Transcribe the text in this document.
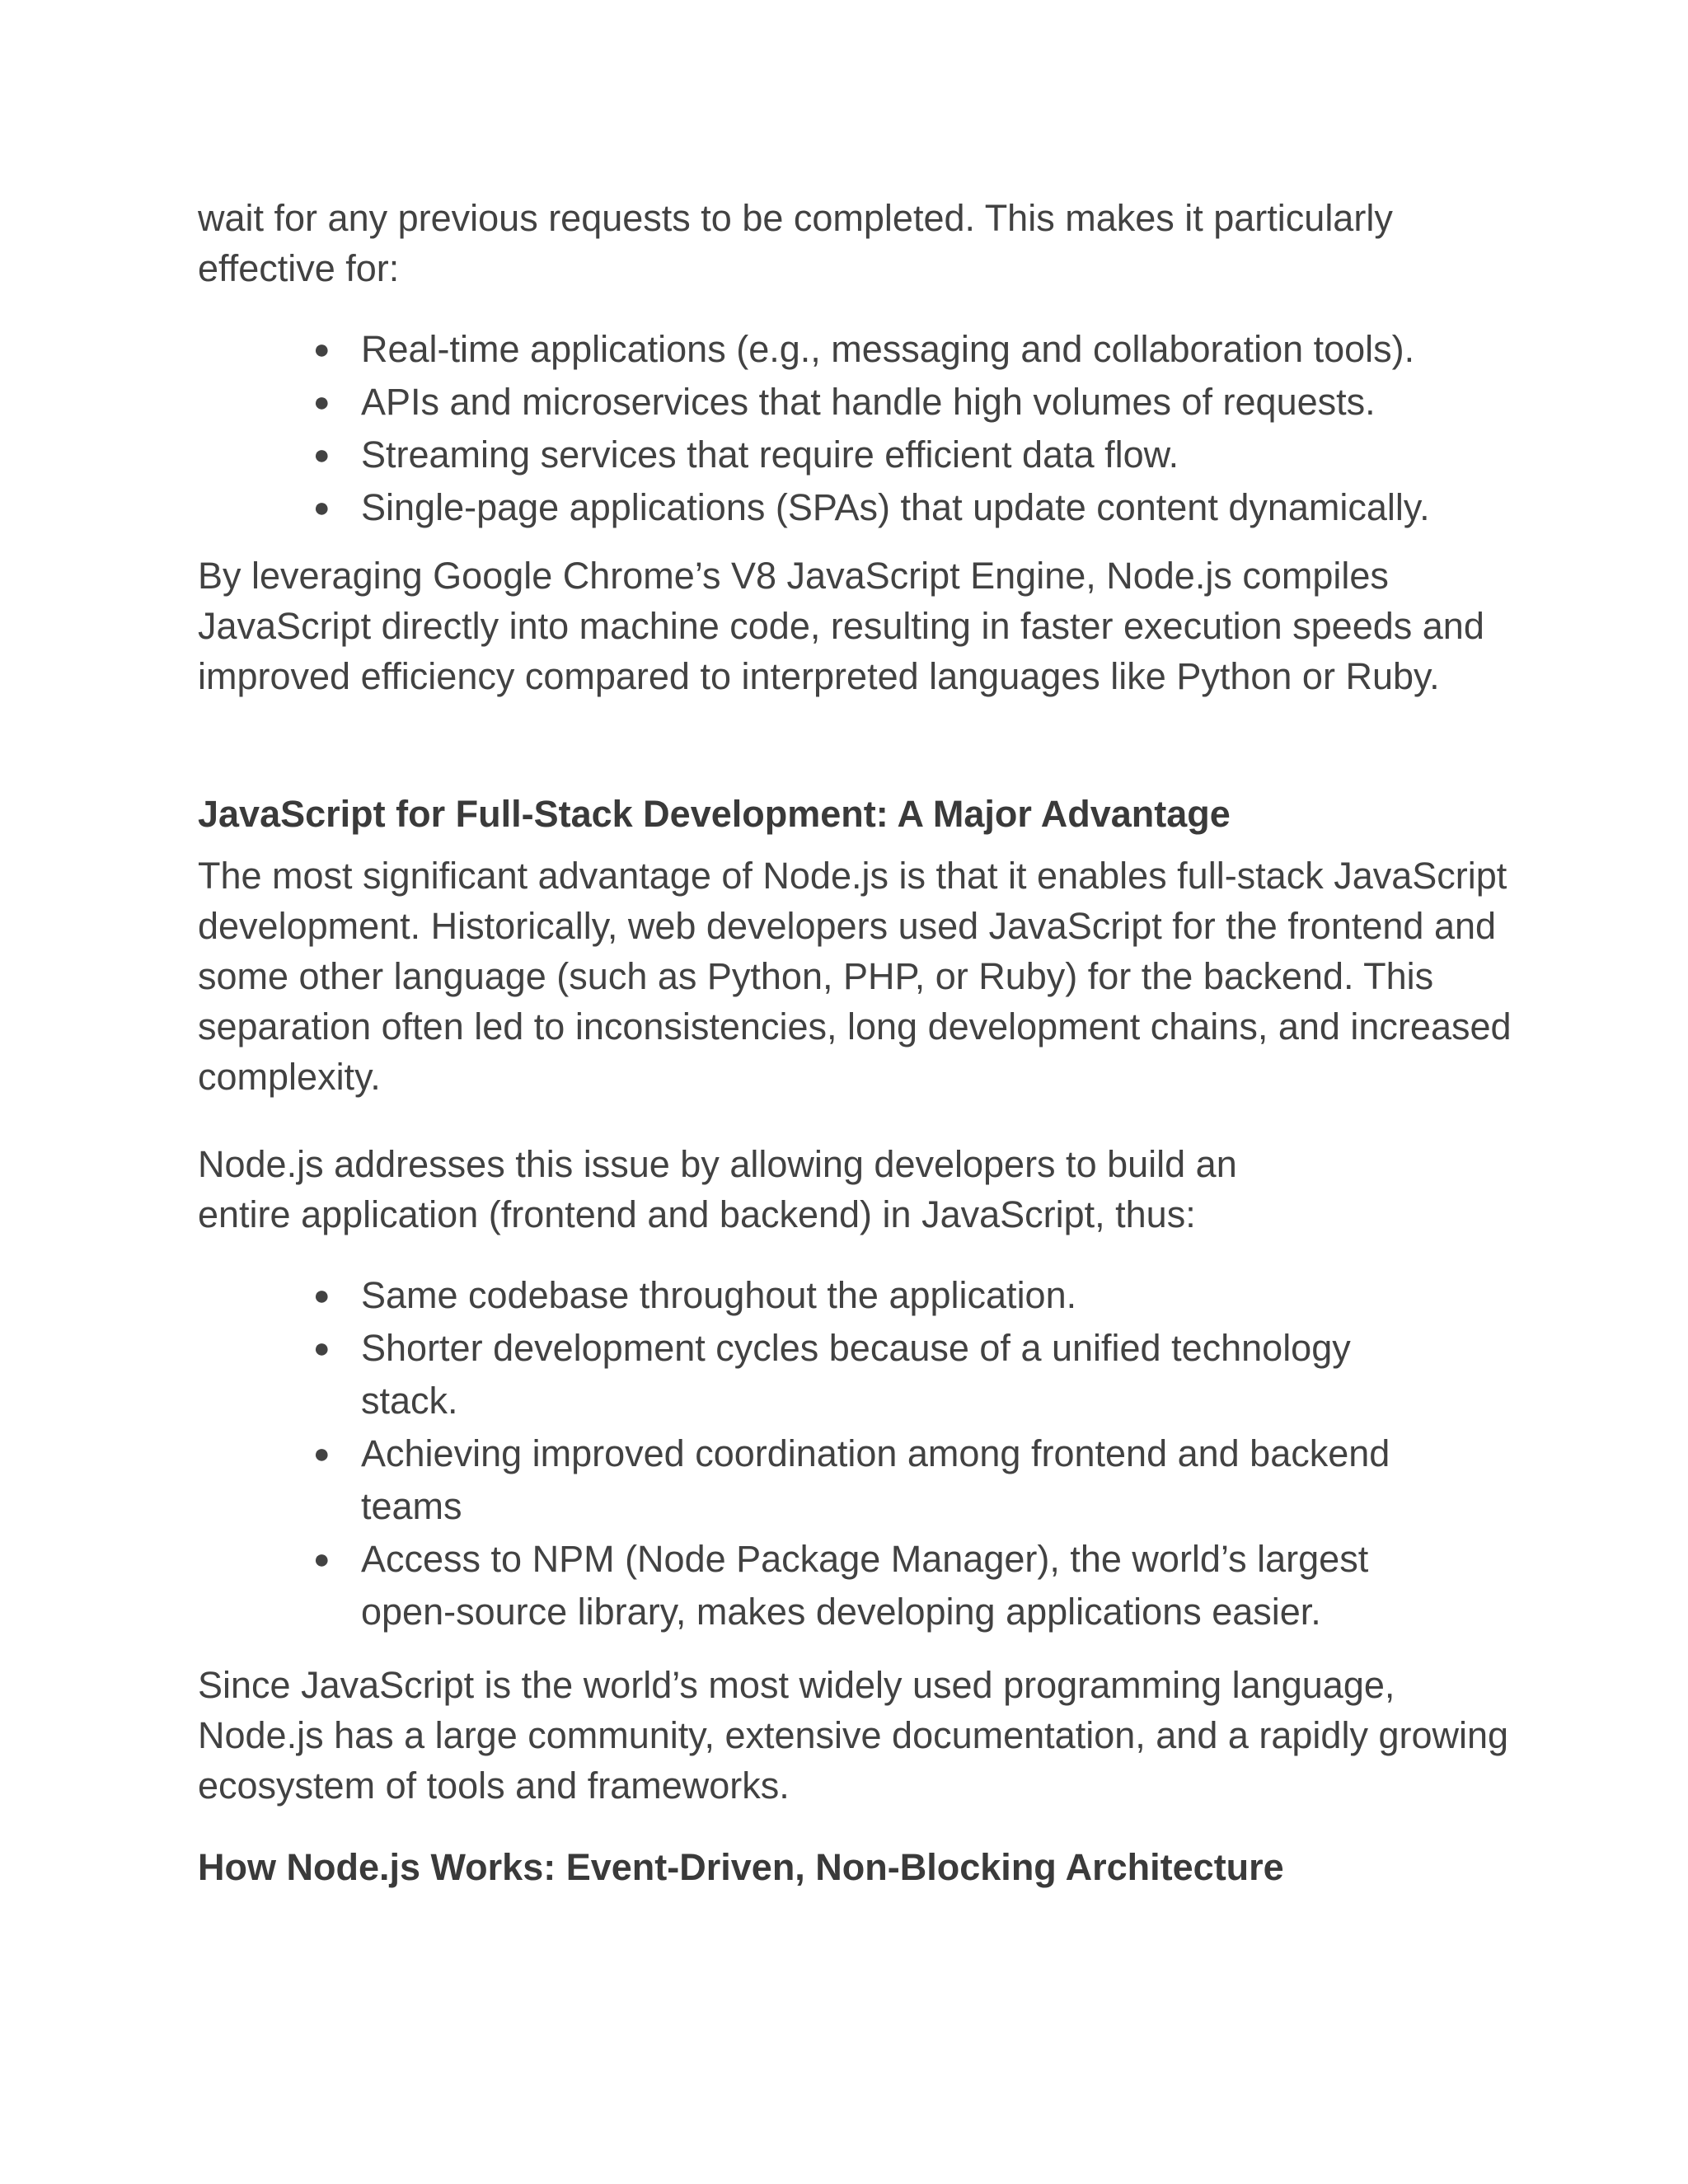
wait for any previous requests to be completed. This makes it particularly effective for:

● Real-time applications (e.g., messaging and collaboration tools).
● APIs and microservices that handle high volumes of requests.
● Streaming services that require efficient data flow.
● Single-page applications (SPAs) that update content dynamically.

By leveraging Google Chrome’s V8 JavaScript Engine, Node.js compiles JavaScript directly into machine code, resulting in faster execution speeds and improved efficiency compared to interpreted languages like Python or Ruby.

JavaScript for Full-Stack Development: A Major Advantage

The most significant advantage of Node.js is that it enables full-stack JavaScript development. Historically, web developers used JavaScript for the frontend and some other language (such as Python, PHP, or Ruby) for the backend. This separation often led to inconsistencies, long development chains, and increased complexity.

Node.js addresses this issue by allowing developers to build an entire application (frontend and backend) in JavaScript, thus:

● Same codebase throughout the application.
● Shorter development cycles because of a unified technology stack.
● Achieving improved coordination among frontend and backend teams
● Access to NPM (Node Package Manager), the world’s largest open-source library, makes developing applications easier.

Since JavaScript is the world’s most widely used programming language, Node.js has a large community, extensive documentation, and a rapidly growing ecosystem of tools and frameworks.

How Node.js Works: Event-Driven, Non-Blocking Architecture
